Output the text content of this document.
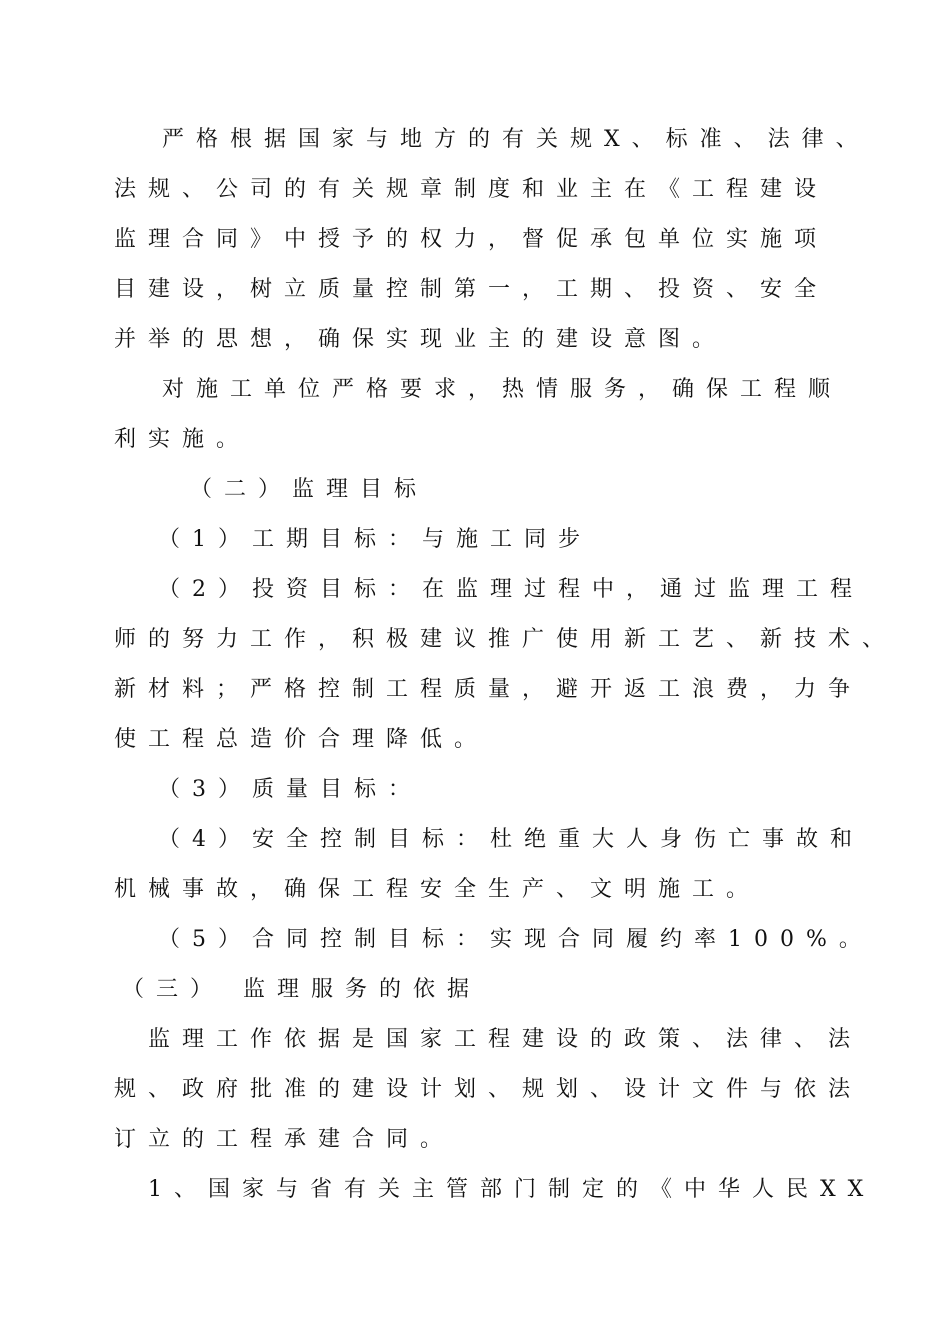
严格根据国家与地方的有关规X、标准、法律、
法规、公司的有关规章制度和业主在《工程建设
监理合同》中授予的权力，督促承包单位实施项
目建设，树立质量控制第一，工期、投资、安全
并举的思想，确保实现业主的建设意图。
对施工单位严格要求，热情服务，确保工程顺
利实施。
（二）监理目标
（1）工期目标：与施工同步
（2）投资目标：在监理过程中，通过监理工程
师的努力工作，积极建议推广使用新工艺、新技术、
新材料；严格控制工程质量，避开返工浪费，力争
使工程总造价合理降低。
（3）质量目标：
（4）安全控制目标：杜绝重大人身伤亡事故和
机械事故，确保工程安全生产、文明施工。
（5）合同控制目标：实现合同履约率100%。
（三） 监理服务的依据
监理工作依据是国家工程建设的政策、法律、法
规、政府批准的建设计划、规划、设计文件与依法
订立的工程承建合同。
1、国家与省有关主管部门制定的《中华人民XX
